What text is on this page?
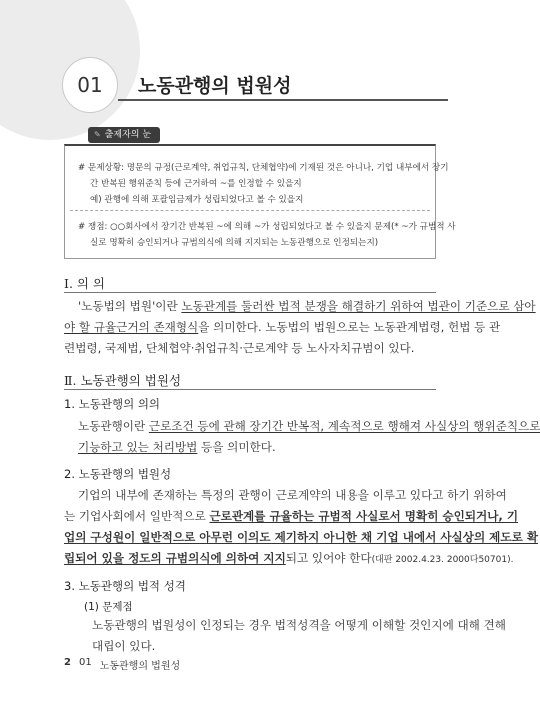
01 노동관행의 법원성
✎ 출제자의 눈
# 문제상황: 명문의 규정(근로계약, 취업규칙, 단체협약)에 기재된 것은 아니나, 기업 내부에서 장기
간 반복된 행위준칙 등에 근거하여 ~를 인정할 수 있을지
예) 관행에 의해 포괄임금제가 성립되었다고 볼 수 있을지
# 쟁점: ○○회사에서 장기간 반복된 ~에 의해 ~가 성립되었다고 볼 수 있을지 문제(* ~가 규범적 사
실로 명확히 승인되거나 규범의식에 의해 지지되는 노동관행으로 인정되는지)
Ⅰ. 의 의
'노동법의 법원'이란 노동관계를 둘러싼 법적 분쟁을 해결하기 위하여 법관이 기준으로 삼아
야 할 규율근거의 존재형식을 의미한다. 노동법의 법원으로는 노동관계법령, 헌법 등 관
련법령, 국제법, 단체협약·취업규칙·근로계약 등 노사자치규범이 있다.
Ⅱ. 노동관행의 법원성
1. 노동관행의 의의
노동관행이란 근로조건 등에 관해 장기간 반복적, 계속적으로 행해져 사실상의 행위준칙으로
기능하고 있는 처리방법 등을 의미한다.
2. 노동관행의 법원성
기업의 내부에 존재하는 특정의 관행이 근로계약의 내용을 이루고 있다고 하기 위하여
는 기업사회에서 일반적으로 근로관계를 규율하는 규범적 사실로서 명확히 승인되거나, 기
업의 구성원이 일반적으로 아무런 이의도 제기하지 아니한 채 기업 내에서 사실상의 제도로 확
립되어 있을 정도의 규범의식에 의하여 지지되고 있어야 한다(대판 2002.4.23. 2000다50701).
3. 노동관행의 법적 성격
(1) 문제점
노동관행의 법원성이 인정되는 경우 법적성격을 어떻게 이해할 것인지에 대해 견해
대립이 있다.
2 01 노동관행의 법원성
